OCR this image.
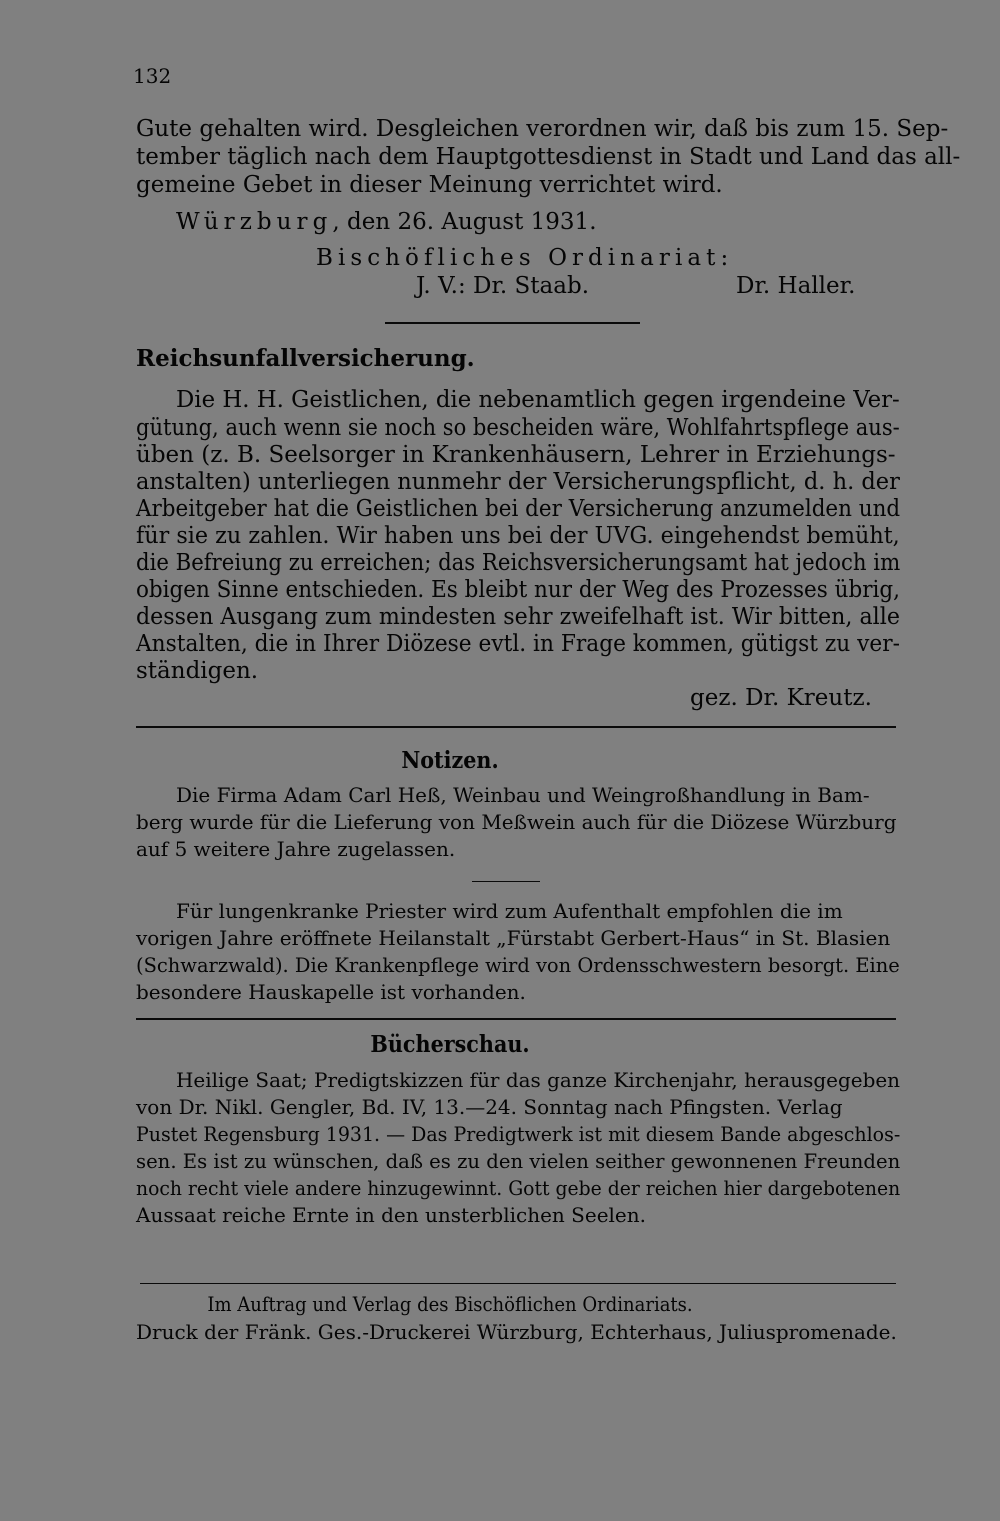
132
Gute gehalten wird. Desgleichen verordnen wir, daß bis zum 15. Sep-
tember täglich nach dem Hauptgottesdienst in Stadt und Land das all-
gemeine Gebet in dieser Meinung verrichtet wird.
Würzburg, den 26. August 1931.
Bischöfliches Ordinariat:
J. V.: Dr. Staab.	Dr. Haller.
Reichsunfallversicherung.
Die H. H. Geistlichen, die nebenamtlich gegen irgendeine Ver-
gütung, auch wenn sie noch so bescheiden wäre, Wohlfahrtspflege aus-
üben (z. B. Seelsorger in Krankenhäusern, Lehrer in Erziehungs-
anstalten) unterliegen nunmehr der Versicherungspflicht, d. h. der
Arbeitgeber hat die Geistlichen bei der Versicherung anzumelden und
für sie zu zahlen. Wir haben uns bei der UVG. eingehendst bemüht,
die Befreiung zu erreichen; das Reichsversicherungsamt hat jedoch im
obigen Sinne entschieden. Es bleibt nur der Weg des Prozesses übrig,
dessen Ausgang zum mindesten sehr zweifelhaft ist. Wir bitten, alle
Anstalten, die in Ihrer Diözese evtl. in Frage kommen, gütigst zu ver-
ständigen.
gez. Dr. Kreutz.
Notizen.
Die Firma Adam Carl Heß, Weinbau und Weingroßhandlung in Bam-
berg wurde für die Lieferung von Meßwein auch für die Diözese Würzburg
auf 5 weitere Jahre zugelassen.
Für lungenkranke Priester wird zum Aufenthalt empfohlen die im
vorigen Jahre eröffnete Heilanstalt „Fürstabt Gerbert-Haus“ in St. Blasien
(Schwarzwald). Die Krankenpflege wird von Ordensschwestern besorgt. Eine
besondere Hauskapelle ist vorhanden.
Bücherschau.
Heilige Saat; Predigtskizzen für das ganze Kirchenjahr, herausgegeben
von Dr. Nikl. Gengler, Bd. IV, 13.—24. Sonntag nach Pfingsten. Verlag
Pustet Regensburg 1931. — Das Predigtwerk ist mit diesem Bande abgeschlos-
sen. Es ist zu wünschen, daß es zu den vielen seither gewonnenen Freunden
noch recht viele andere hinzugewinnt. Gott gebe der reichen hier dargebotenen
Aussaat reiche Ernte in den unsterblichen Seelen.
Im Auftrag und Verlag des Bischöflichen Ordinariats.
Druck der Fränk. Ges.-Druckerei Würzburg, Echterhaus, Juliuspromenade.
